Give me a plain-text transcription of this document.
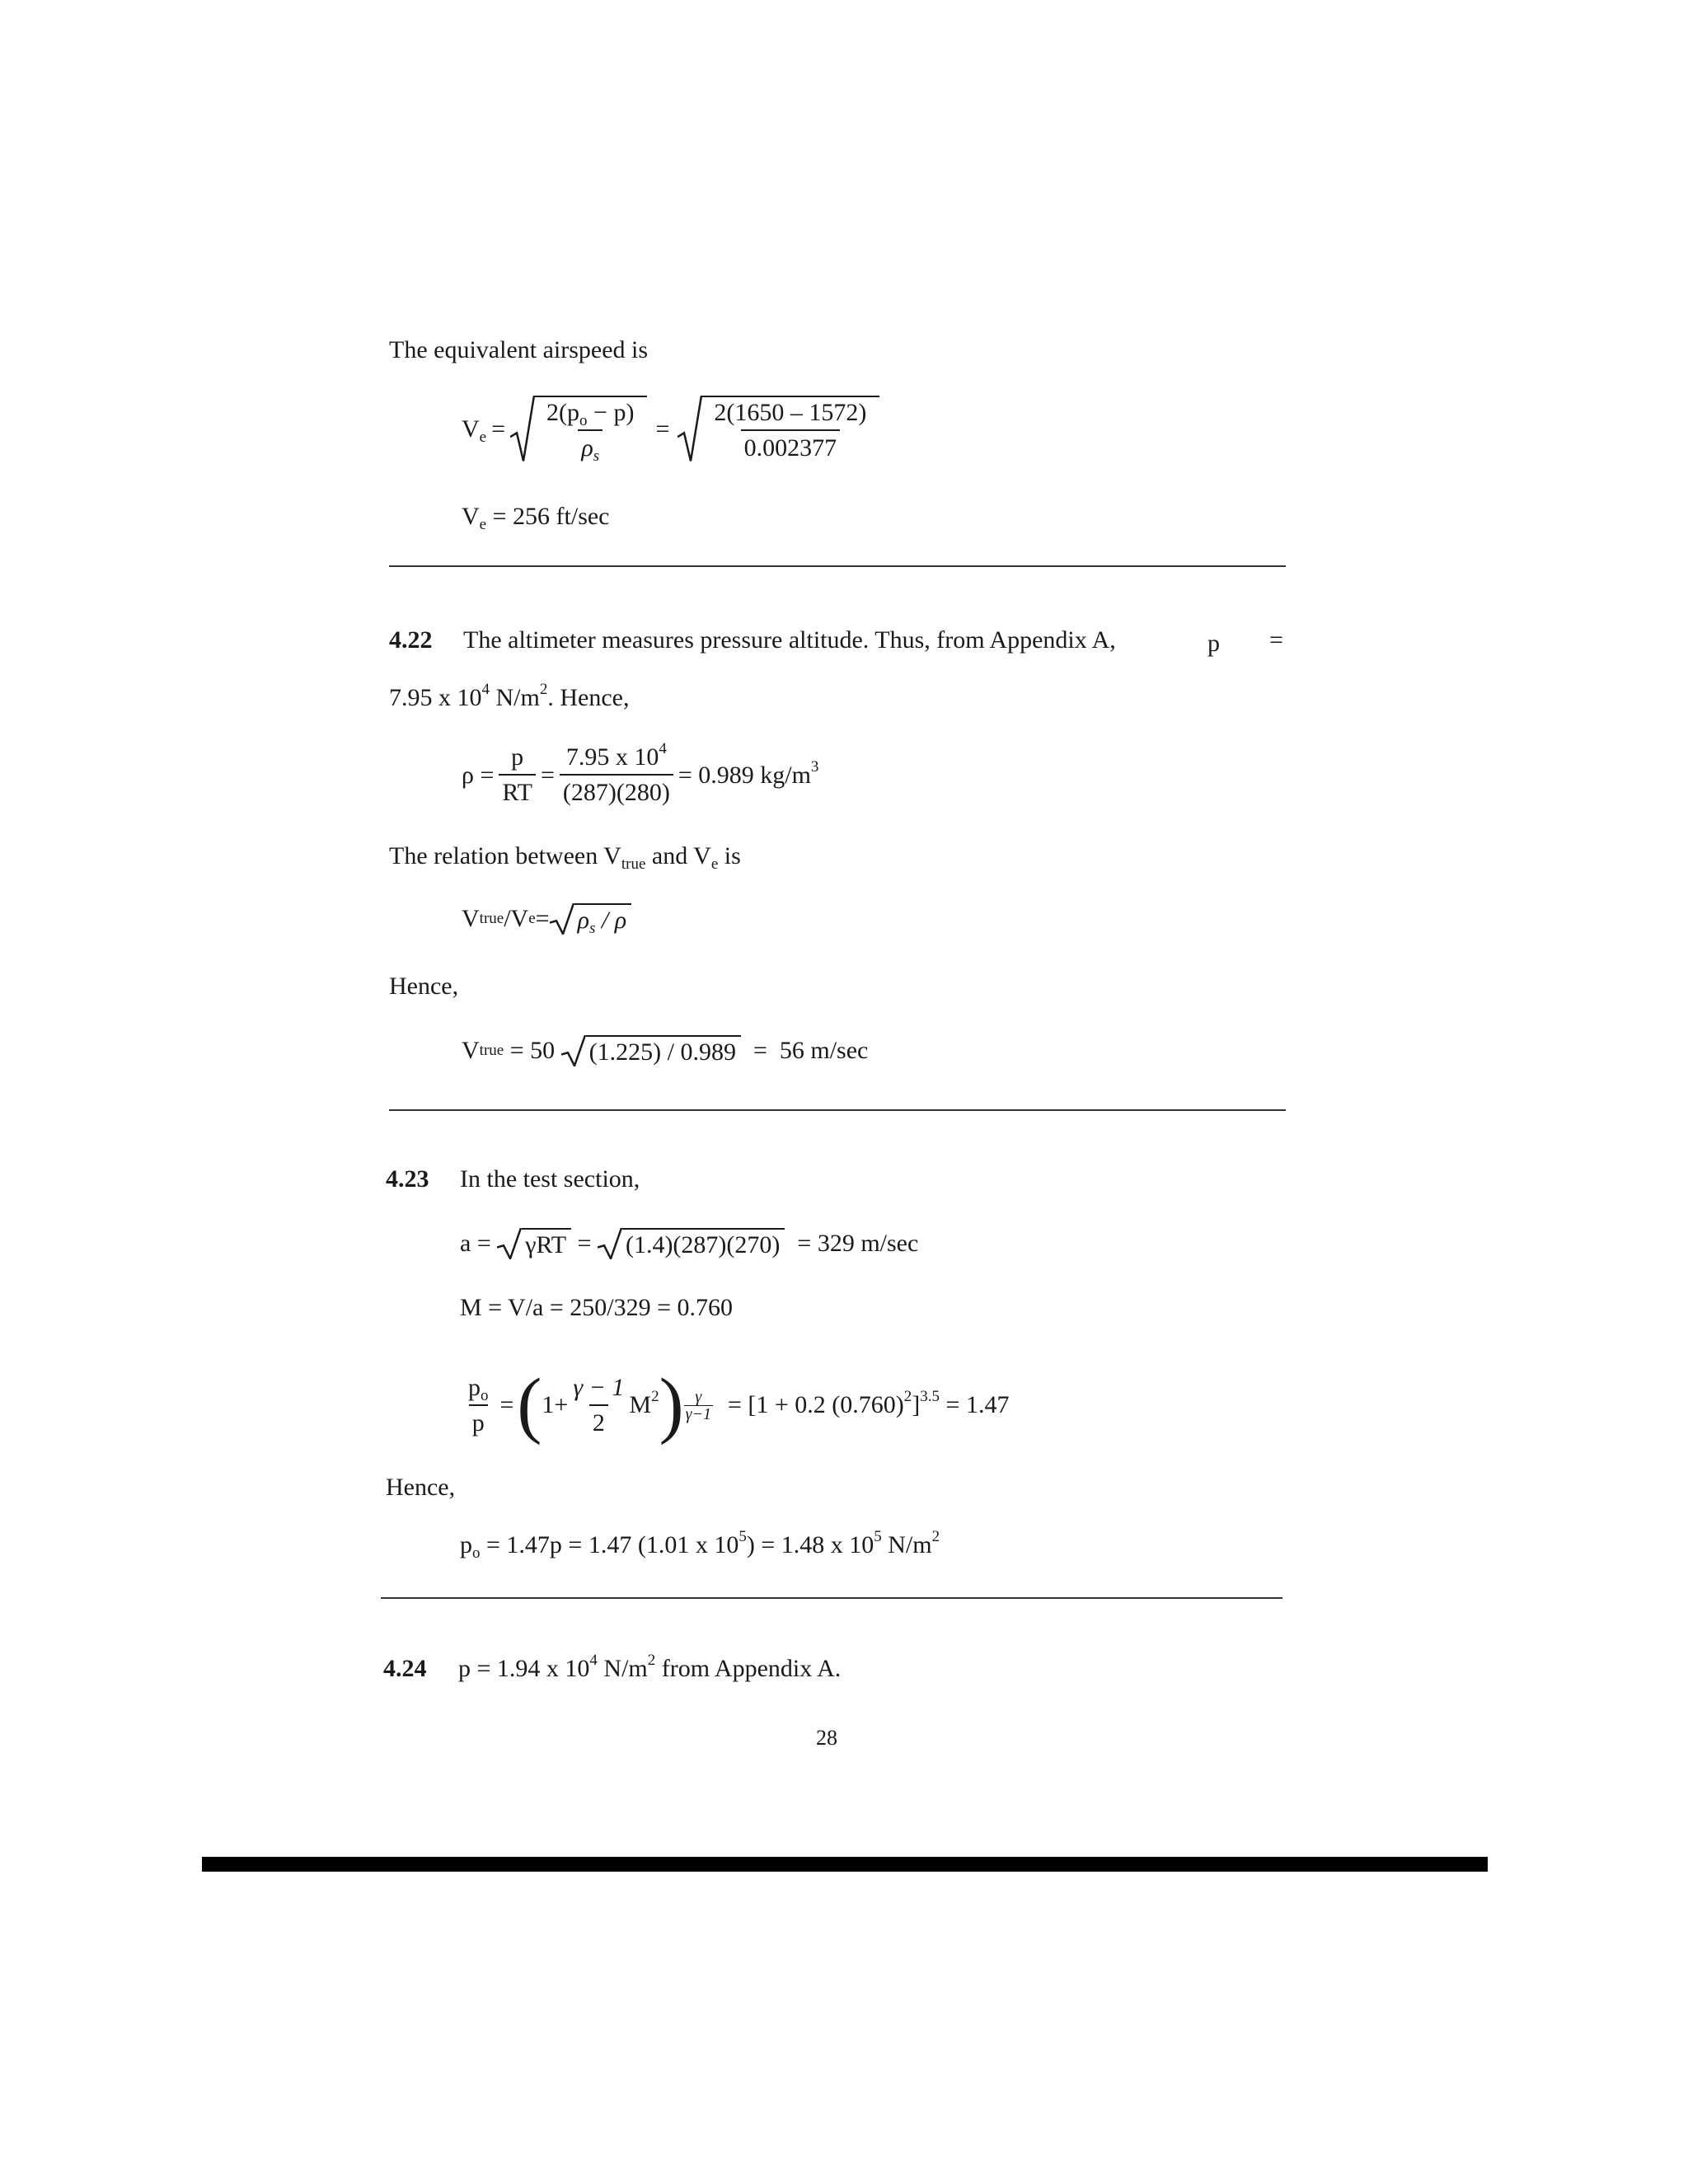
The equivalent airspeed is
$V_e = \frac{2(p_o - p)}{\rho_s} = \frac{2(1650 - 1572)}{0.002377}$
$V_e = 256$ ft/sec
4.22 The altimeter measures pressure altitude. Thus, from Appendix A,	p =
7.95 x $10^4$ $N/m^2$. Hence,
$\rho = \frac{p}{RT} = \frac{7.95 x 10^4}{(287)(280)} = 0.989$ $kg/m^3$
The relation between $V_{true}$ and $V_e$ is
V true /V $e = \rho_s / \rho$
Hence,
V true = 50 (1.225) / 0.989 =  56 m/sec
4.23 In the test section,
a = γRT = (1.4)(287)(270) = 329 m/sec
M = V/a = 250/329 = 0.760
$\frac{p_o}{p}$ = ( $1+ \frac{\gamma - 1}{2} M^2$ ) $\frac{\gamma}{\gamma-1} = [1 + 0.2$ $(0.760)^2]^{3.5} = 1.47$
Hence,
$p_o = 1.47p = 1.47$ (1.01 x $10^5) = 1.48$ x $10^5$ $N/m^2$
4.24 p = 1.94 x $10^4$ $N/m^2$ from Appendix A.
28
